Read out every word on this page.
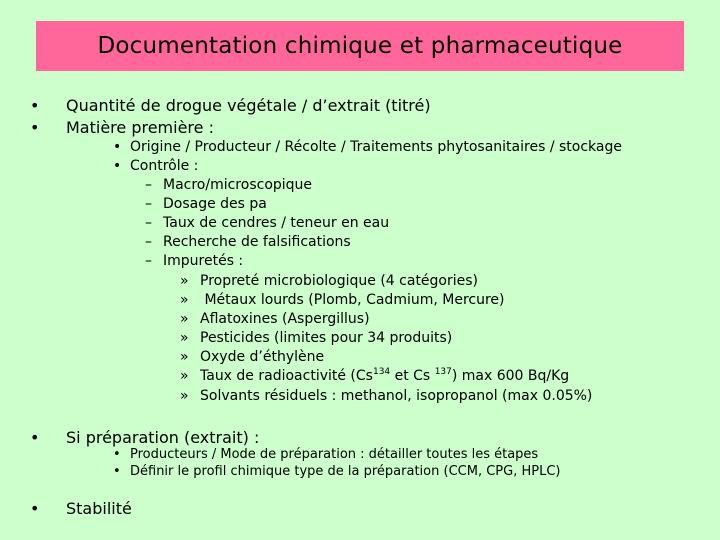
Documentation chimique et pharmaceutique
• Quantité de drogue végétale / d’extrait (titré)
• Matière première :
• Origine / Producteur / Récolte / Traitements phytosanitaires / stockage
• Contrôle :
– Macro/microscopique
– Dosage des pa
– Taux de cendres / teneur en eau
– Recherche de falsifications
– Impuretés :
» Propreté microbiologique (4 catégories)
» Métaux lourds (Plomb, Cadmium, Mercure)
» Aflatoxines (Aspergillus)
» Pesticides (limites pour 34 produits)
» Oxyde d’éthylène
» Taux de radioactivité (Cs$^{134}$ et Cs $^{137}$) max 600 Bq/Kg
» Solvants résiduels : methanol, isopropanol (max 0.05%)
• Si préparation (extrait) :
• Producteurs / Mode de préparation : détailler toutes les étapes
• Définir le profil chimique type de la préparation (CCM, CPG, HPLC)
• Stabilité
